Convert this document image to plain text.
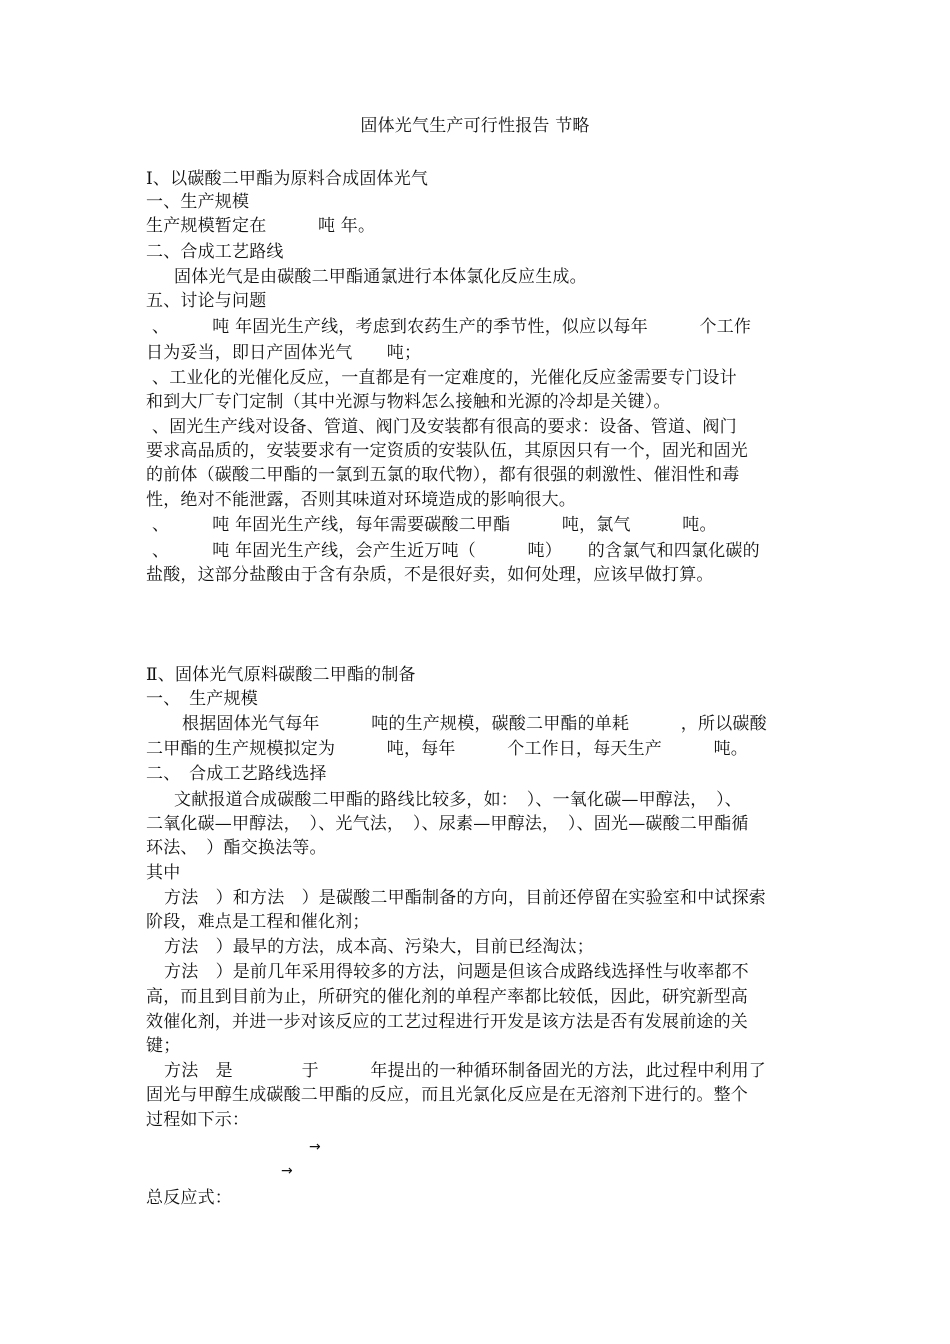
固体光气生产可行性报告 节略
Ⅰ、以碳酸二甲酯为原料合成固体光气
一、生产规模
生产规模暂定在　　　吨 年。
二、合成工艺路线
固体光气是由碳酸二甲酯通氯进行本体氯化反应生成。
五、讨论与问题
、　　　吨 年固光生产线，考虑到农药生产的季节性，似应以每年　　　个工作
日为妥当，即日产固体光气　　吨；
、工业化的光催化反应，一直都是有一定难度的，光催化反应釜需要专门设计
和到大厂专门定制（其中光源与物料怎么接触和光源的冷却是关键）。
、固光生产线对设备、管道、阀门及安装都有很高的要求：设备、管道、阀门
要求高品质的，安装要求有一定资质的安装队伍，其原因只有一个，固光和固光
的前体（碳酸二甲酯的一氯到五氯的取代物），都有很强的刺激性、催泪性和毒
性，绝对不能泄露，否则其味道对环境造成的影响很大。
、　　　吨 年固光生产线，每年需要碳酸二甲酯　　　吨，氯气　　　吨。
、　　　吨 年固光生产线，会产生近万吨（　　　吨）　　的含氯气和四氯化碳的
盐酸，这部分盐酸由于含有杂质，不是很好卖，如何处理，应该早做打算。
Ⅱ、固体光气原料碳酸二甲酯的制备
一、　生产规模
根据固体光气每年　　　吨的生产规模，碳酸二甲酯的单耗　　　，所以碳酸
二甲酯的生产规模拟定为　　　吨，每年　　　个工作日，每天生产　　　吨。
二、　合成工艺路线选择
文献报道合成碳酸二甲酯的路线比较多，如：　）、一氧化碳—甲醇法，　）、
二氧化碳—甲醇法，　）、光气法，　）、尿素—甲醇法，　）、固光—碳酸二甲酯循
环法、　）酯交换法等。
其中
方法　）和方法　）是碳酸二甲酯制备的方向，目前还停留在实验室和中试探索
阶段，难点是工程和催化剂；
方法　）最早的方法，成本高、污染大，目前已经淘汰；
方法　）是前几年采用得较多的方法，问题是但该合成路线选择性与收率都不
高，而且到目前为止，所研究的催化剂的单程产率都比较低，因此，研究新型高
效催化剂，并进一步对该反应的工艺过程进行开发是该方法是否有发展前途的关
键；
方法　是　　　　于　　　年提出的一种循环制备固光的方法，此过程中利用了
固光与甲醇生成碳酸二甲酯的反应，而且光氯化反应是在无溶剂下进行的。整个
过程如下示：
→
→
总反应式：
